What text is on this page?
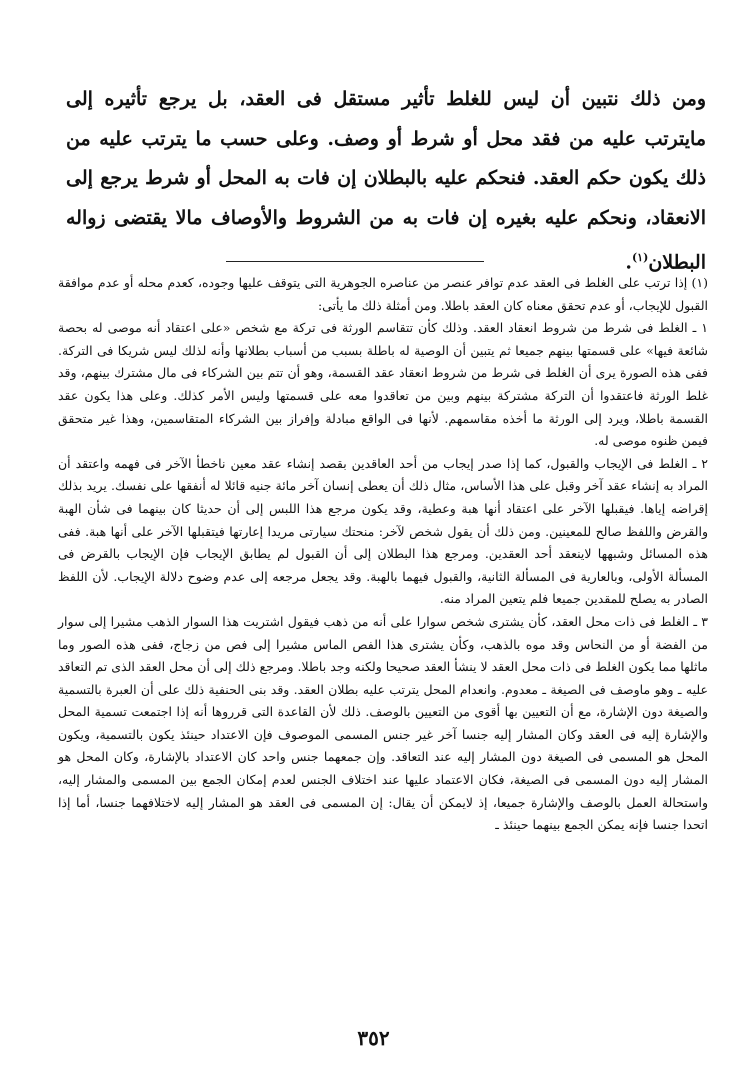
ومن ذلك نتبين أن ليس للغلط تأثير مستقل فى العقد، بل يرجع تأثيره إلى مايترتب عليه من فقد محل أو شرط أو وصف. وعلى حسب ما يترتب عليه من ذلك يكون حكم العقد. فنحكم عليه بالبطلان إن فات به المحل أو شرط يرجع إلى الانعقاد، ونحكم عليه بغيره إن فات به من الشروط والأوصاف مالا يقتضى زواله البطلان$^{(١)}$.

(١) إذا ترتب على الغلط فى العقد عدم توافر عنصر من عناصره الجوهرية التى يتوقف عليها وجوده، كعدم محله أو عدم موافقة القبول للإيجاب، أو عدم تحقق معناه كان العقد باطلا. ومن أمثلة ذلك ما يأتى:

١ ـ الغلط فى شرط من شروط انعقاد العقد. وذلك كأن تتقاسم الورثة فى تركة مع شخص «على اعتقاد أنه موصى له بحصة شائعة فيها» على قسمتها بينهم جميعا ثم يتبين أن الوصية له باطلة بسبب من أسباب بطلانها وأنه لذلك ليس شريكا فى التركة. ففى هذه الصورة يرى أن الغلط فى شرط من شروط انعقاد عقد القسمة، وهو أن تتم بين الشركاء فى مال مشترك بينهم، وقد غلط الورثة فاعتقدوا أن التركة مشتركة بينهم وبين من تعاقدوا معه على قسمتها وليس الأمر كذلك. وعلى هذا يكون عقد القسمة باطلا، ويرد إلى الورثة ما أخذه مقاسمهم. لأنها فى الواقع مبادلة وإفراز بين الشركاء المتقاسمين، وهذا غير متحقق فيمن ظنوه موصى له.

٢ ـ الغلط فى الإيجاب والقبول، كما إذا صدر إيجاب من أحد العاقدين بقصد إنشاء عقد معين ناخطأ الآخر فى فهمه واعتقد أن المراد به إنشاء عقد آخر وقبل على هذا الأساس، مثال ذلك أن يعطى إنسان آخر مائة جنيه قائلا له أنفقها على نفسك. يريد بذلك إقراضه إياها. فيقبلها الآخر على اعتقاد أنها هبة وعطية، وقد يكون مرجع هذا اللبس إلى أن حديثا كان بينهما فى شأن الهبة والقرض واللفظ صالح للمعينين. ومن ذلك أن يقول شخص لآخر: منحتك سيارتى مريدا إعارتها فيتقبلها الآخر على أنها هبة. ففى هذه المسائل وشبهها لاينعقد أحد العقدين. ومرجع هذا البطلان إلى أن القبول لم يطابق الإيجاب فإن الإيجاب بالقرض فى المسألة الأولى، وبالعارية فى المسألة الثانية، والقبول فيهما بالهبة. وقد يجعل مرجعه إلى عدم وضوح دلالة الإيجاب. لأن اللفظ الصادر به يصلح للمقدين جميعا فلم يتعين المراد منه.

٣ ـ الغلط فى ذات محل العقد، كأن يشترى شخص سوارا على أنه من ذهب فيقول اشتريت هذا السوار الذهب مشيرا إلى سوار من الفضة أو من النحاس وقد موه بالذهب، وكأن يشترى هذا الفص الماس مشيرا إلى فص من زجاج، ففى هذه الصور وما ماثلها مما يكون الغلط فى ذات محل العقد لا ينشأ العقد صحيحا ولكنه وجد باطلا. ومرجع ذلك إلى أن محل العقد الذى تم التعاقد عليه ـ وهو ماوصف فى الصيغة ـ معدوم. وانعدام المحل يترتب عليه بطلان العقد. وقد بنى الحنفية ذلك على أن العبرة بالتسمية والصيغة دون الإشارة، مع أن التعيين بها أقوى من التعيين بالوصف. ذلك لأن القاعدة التى قرروها أنه إذا اجتمعت تسمية المحل والإشارة إليه فى العقد وكان المشار إليه جنسا آخر غير جنس المسمى الموصوف فإن الاعتداد حينئذ يكون بالتسمية، ويكون المحل هو المسمى فى الصيغة دون المشار إليه عند التعاقد. وإن جمعهما جنس واحد كان الاعتداد بالإشارة، وكان المحل هو المشار إليه دون المسمى فى الصيغة، فكان الاعتماد عليها عند اختلاف الجنس لعدم إمكان الجمع بين المسمى والمشار إليه، واستحالة العمل بالوصف والإشارة جميعا، إذ لايمكن أن يقال: إن المسمى فى العقد هو المشار إليه لاختلافهما جنسا، أما إذا اتحدا جنسا فإنه يمكن الجمع بينهما حينئذ ـ

٣٥٢
